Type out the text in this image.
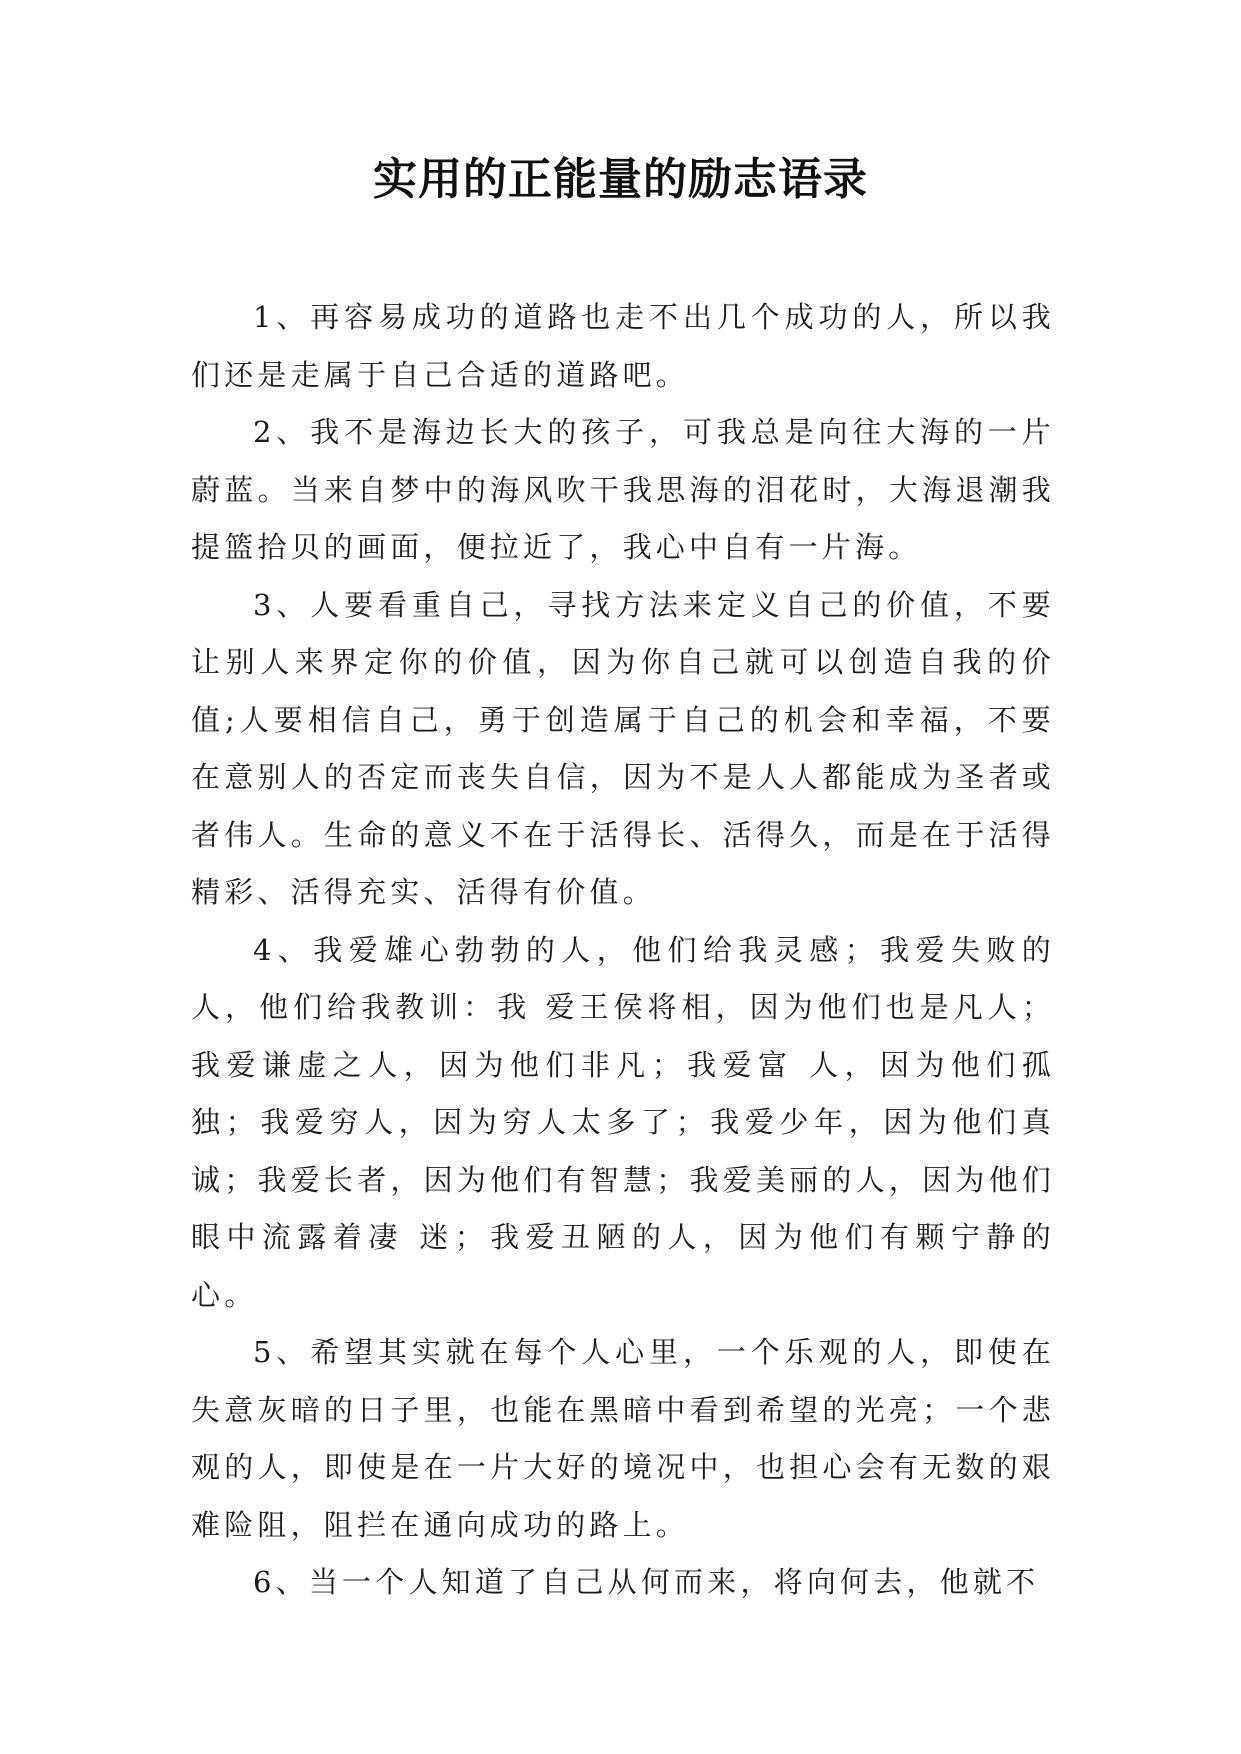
实用的正能量的励志语录

1、再容易成功的道路也走不出几个成功的人，所以我们还是走属于自己合适的道路吧。

2、我不是海边长大的孩子，可我总是向往大海的一片蔚蓝。当来自梦中的海风吹干我思海的泪花时，大海退潮我提篮拾贝的画面，便拉近了，我心中自有一片海。

3、人要看重自己，寻找方法来定义自己的价值，不要让别人来界定你的价值，因为你自己就可以创造自我的价值;人要相信自己，勇于创造属于自己的机会和幸福，不要在意别人的否定而丧失自信，因为不是人人都能成为圣者或者伟人。生命的意义不在于活得长、活得久，而是在于活得精彩、活得充实、活得有价值。

4、我爱雄心勃勃的人，他们给我灵感；我爱失败的人，他们给我教训：我 爱王侯将相，因为他们也是凡人；我爱谦虚之人，因为他们非凡；我爱富 人，因为他们孤独；我爱穷人，因为穷人太多了；我爱少年，因为他们真 诚；我爱长者，因为他们有智慧；我爱美丽的人，因为他们眼中流露着凄 迷；我爱丑陋的人，因为他们有颗宁静的心。

5、希望其实就在每个人心里，一个乐观的人，即使在失意灰暗的日子里，也能在黑暗中看到希望的光亮；一个悲观的人，即使是在一片大好的境况中，也担心会有无数的艰难险阻，阻拦在通向成功的路上。

6、当一个人知道了自己从何而来，将向何去，他就不
